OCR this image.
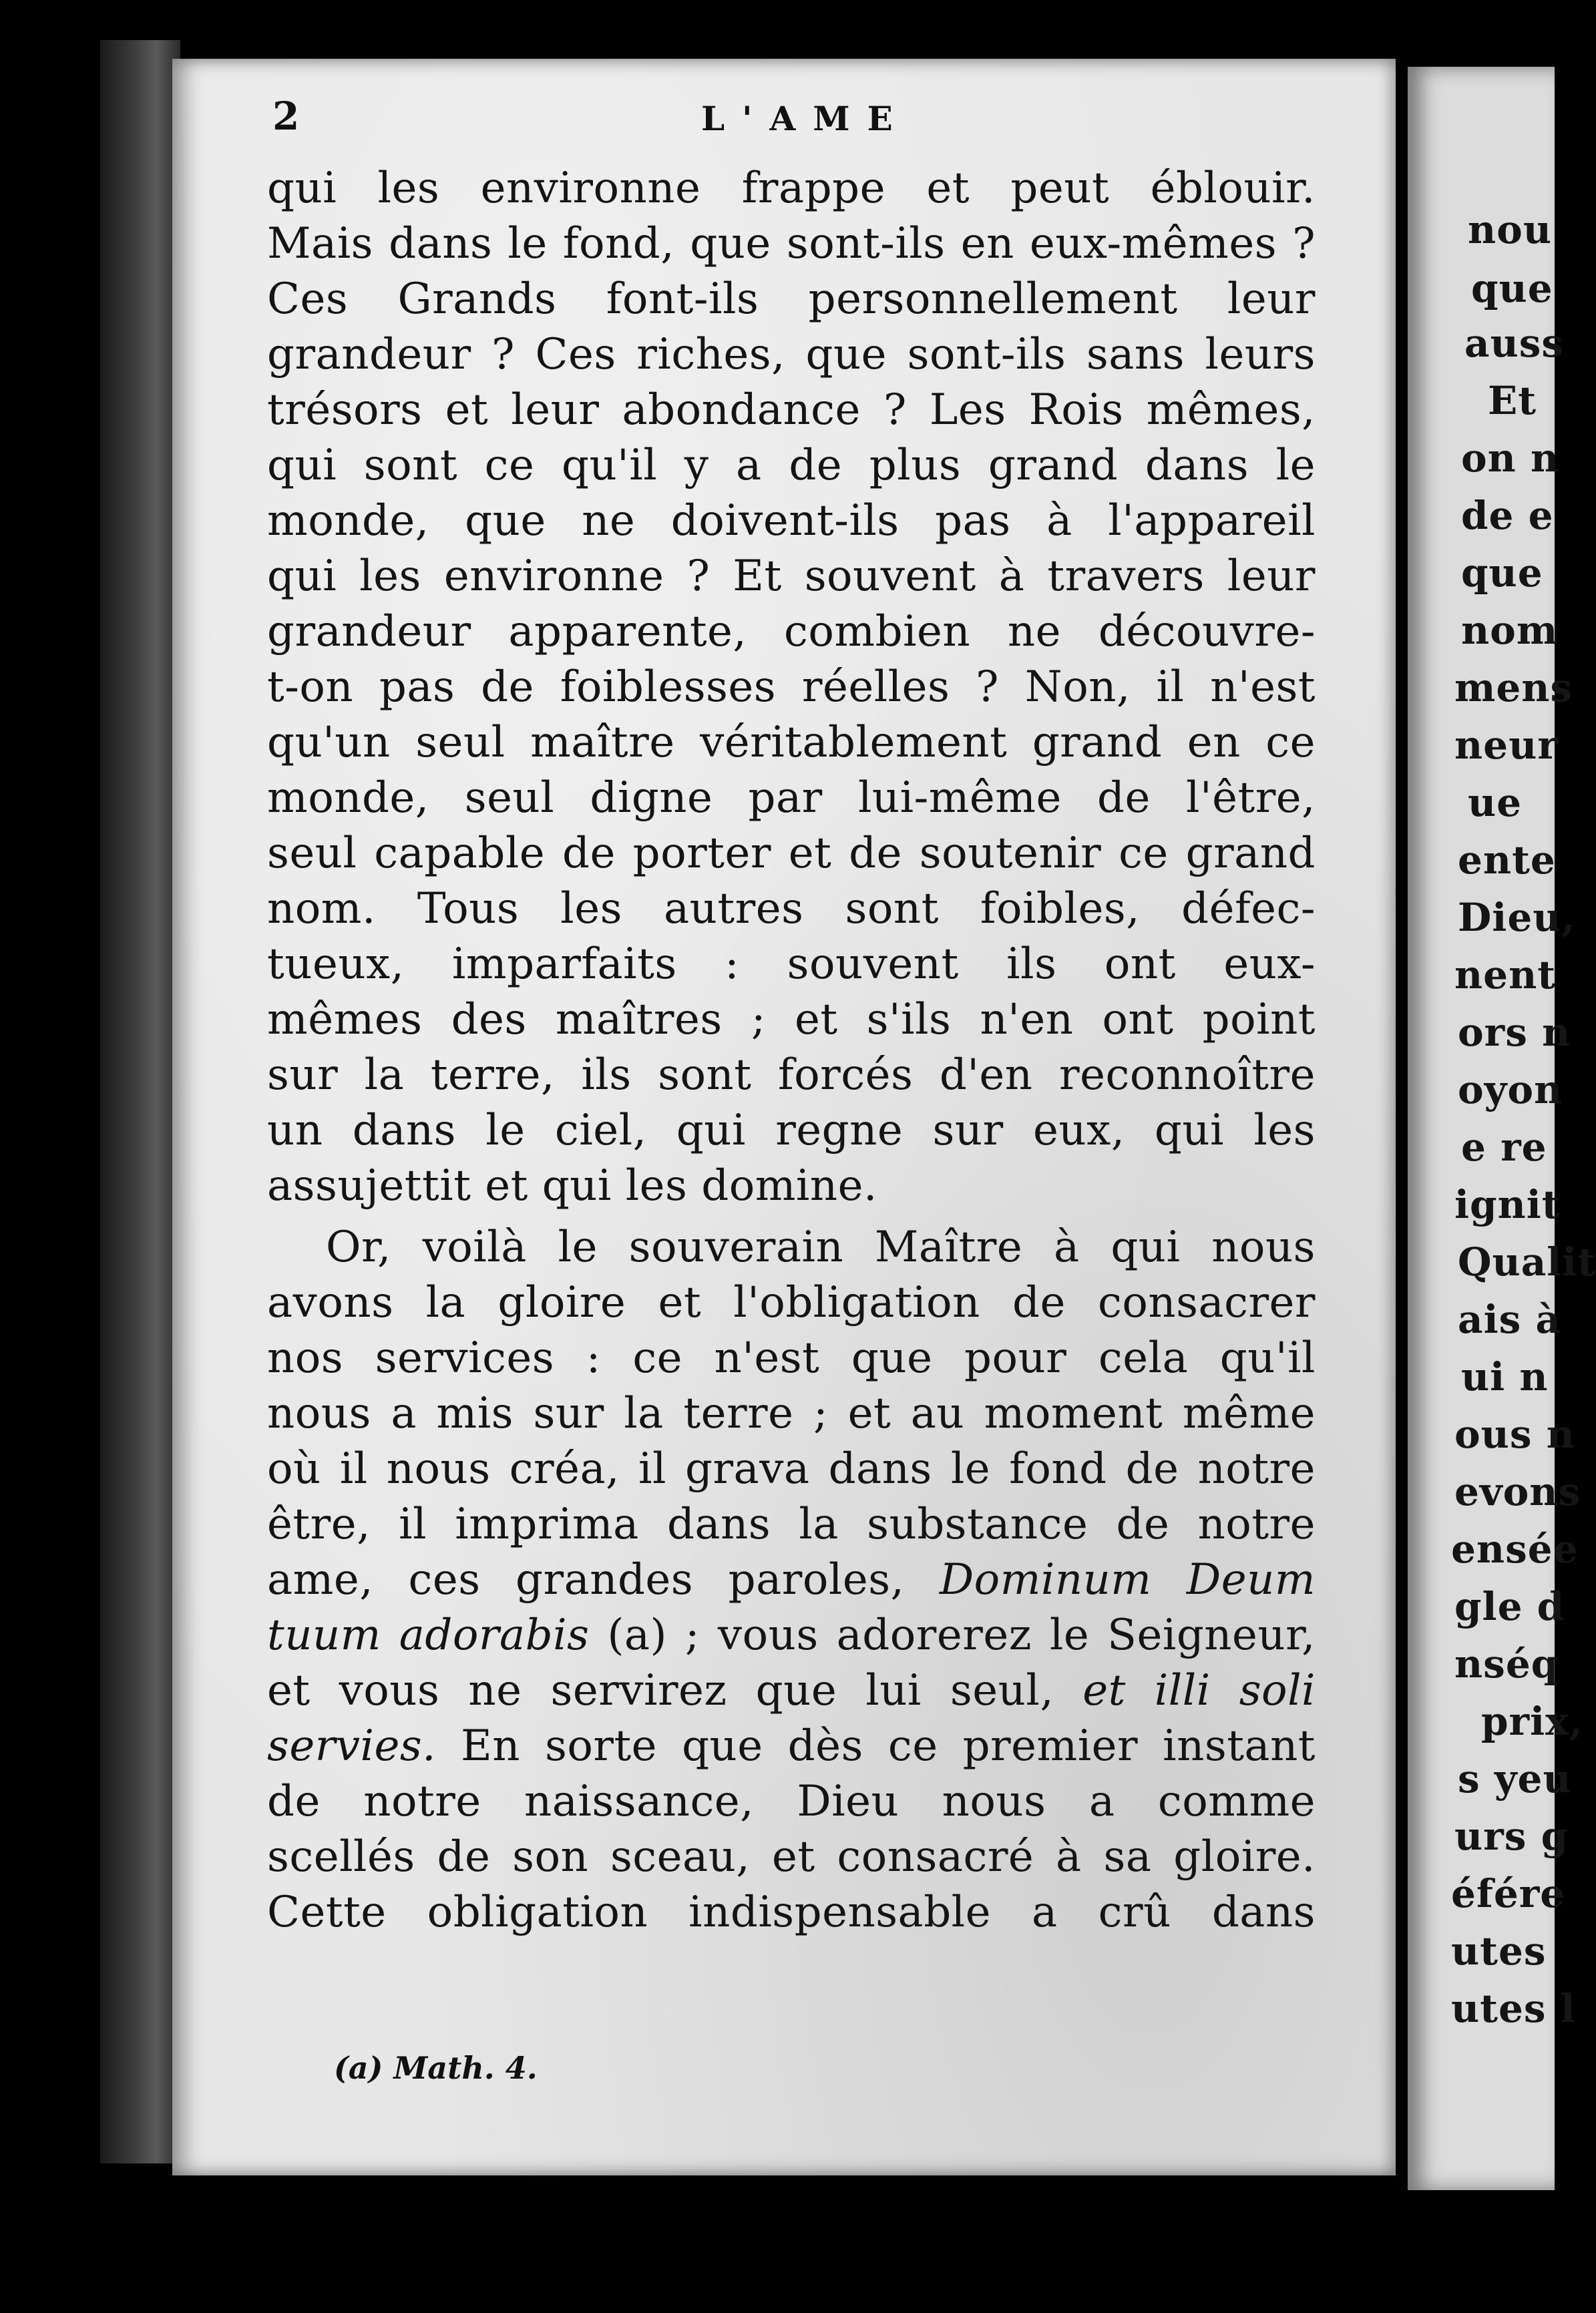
2	L'AME
qui les environne frappe et peut éblouir.
Mais dans le fond, que sont-ils en eux-mêmes ?
Ces Grands font-ils personnellement leur
grandeur ? Ces riches, que sont-ils sans leurs
trésors et leur abondance ? Les Rois mêmes,
qui sont ce qu'il y a de plus grand dans le
monde, que ne doivent-ils pas à l'appareil
qui les environne ? Et souvent à travers leur
grandeur apparente, combien ne découvre-
t-on pas de foiblesses réelles ? Non, il n'est
qu'un seul maître véritablement grand en ce
monde, seul digne par lui-même de l'être,
seul capable de porter et de soutenir ce grand
nom. Tous les autres sont foibles, défec-
tueux, imparfaits : souvent ils ont eux-
mêmes des maîtres ; et s'ils n'en ont point
sur la terre, ils sont forcés d'en reconnoître
un dans le ciel, qui regne sur eux, qui les
assujettit et qui les domine.
Or, voilà le souverain Maître à qui nous
avons la gloire et l'obligation de consacrer
nos services : ce n'est que pour cela qu'il
nous a mis sur la terre ; et au moment même
où il nous créa, il grava dans le fond de notre
être, il imprima dans la substance de notre
ame, ces grandes paroles, Dominum Deum
tuum adorabis (a) ; vous adorerez le Seigneur,
et vous ne servirez que lui seul, et illi soli
servies. En sorte que dès ce premier instant
de notre naissance, Dieu nous a comme
scellés de son sceau, et consacré à sa gloire.
Cette obligation indispensable a crû dans
(a) Math. 4.
nou
que
auss
Et
on n
de e
que
nom
mens
neur
ue
ente
Dieu,
nent
ors n
oyon
e re
ignit
Qualit
ais à
ui n
ous n
evons
ensée
gle d
nséq
prix,
s yeu
urs g
éfére
utes
utes l
